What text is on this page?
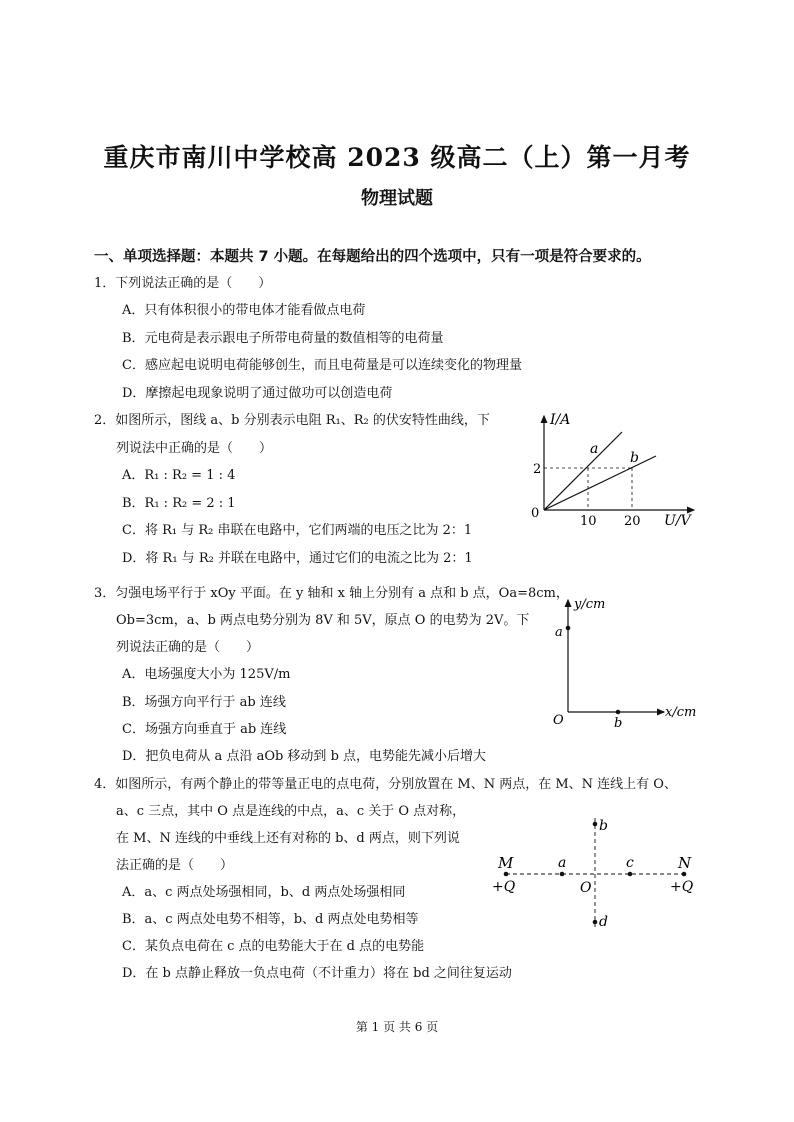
重庆市南川中学校高 2023 级高二（上）第一月考
物理试题
一、单项选择题：本题共 7 小题。在每题给出的四个选项中，只有一项是符合要求的。
1．下列说法正确的是（　　）
A．只有体积很小的带电体才能看做点电荷
B．元电荷是表示跟电子所带电荷量的数值相等的电荷量
C．感应起电说明电荷能够创生，而且电荷量是可以连续变化的物理量
D．摩擦起电现象说明了通过做功可以创造电荷
2．如图所示，图线 a、b 分别表示电阻 R₁、R₂ 的伏安特性曲线，下
列说法中正确的是（　　）
A．R₁ : R₂ = 1 : 4
B．R₁ : R₂ = 2 : 1
C．将 R₁ 与 R₂ 串联在电路中，它们两端的电压之比为 2：1
D．将 R₁ 与 R₂ 并联在电路中，通过它们的电流之比为 2：1
I/A
U/V
0
2
10 20
a
b
3．匀强电场平行于 xOy 平面。在 y 轴和 x 轴上分别有 a 点和 b 点，Oa=8cm，
Ob=3cm，a、b 两点电势分别为 8V 和 5V，原点 O 的电势为 2V。下
列说法正确的是（　　）
A．电场强度大小为 125V/m
B．场强方向平行于 ab 连线
C．场强方向垂直于 ab 连线
D．把负电荷从 a 点沿 aOb 移动到 b 点，电势能先减小后增大
y/cm
x/cm
O
a
b
4．如图所示，有两个静止的带等量正电的点电荷，分别放置在 M、N 两点，在 M、N 连线上有 O、
a、c 三点，其中 O 点是连线的中点，a、c 关于 O 点对称，
在 M、N 连线的中垂线上还有对称的 b、d 两点，则下列说
法正确的是（　　）
A．a、c 两点处场强相同，b、d 两点处场强相同
B．a、c 两点处电势不相等，b、d 两点处电势相等
C．某负点电荷在 c 点的电势能大于在 d 点的电势能
D．在 b 点静止释放一负点电荷（不计重力）将在 bd 之间往复运动
M	N
a	c
b
d
O
+Q	+Q
第 1 页 共 6 页
